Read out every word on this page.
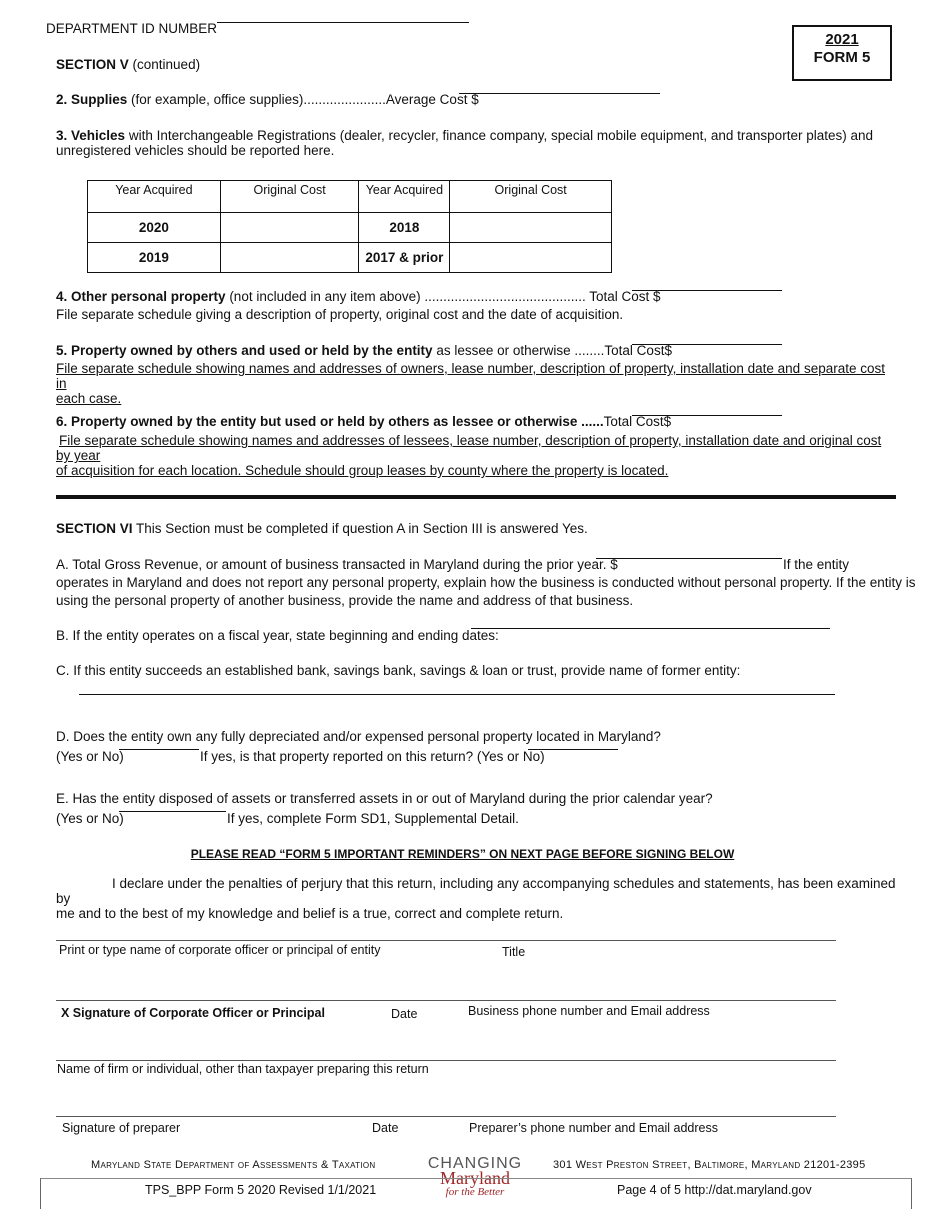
DEPARTMENT ID NUMBER
2021
FORM 5
SECTION V (continued)
2. Supplies (for example, office supplies)......................Average Cost $
3. Vehicles with Interchangeable Registrations (dealer, recycler, finance company, special mobile equipment, and transporter plates) and
unregistered vehicles should be reported here.
Year Acquired	Original Cost	Year Acquired	Original Cost
2020		2018	
2019		2017 & prior	
4. Other personal property (not included in any item above) ........................................... Total Cost $
File separate schedule giving a description of property, original cost and the date of acquisition.
5. Property owned by others and used or held by the entity as lessee or otherwise ........Total Cost$
File separate schedule showing names and addresses of owners, lease number, description of property, installation date and separate cost in
each case.
6. Property owned by the entity but used or held by others as lessee or otherwise ......Total Cost$
File separate schedule showing names and addresses of lessees, lease number, description of property, installation date and original cost by year
of acquisition for each location. Schedule should group leases by county where the property is located.
SECTION VI This Section must be completed if question A in Section III is answered Yes.
A. Total Gross Revenue, or amount of business transacted in Maryland during the prior year. $	If the entity
operates in Maryland and does not report any personal property, explain how the business is conducted without personal property. If the entity is
using the personal property of another business, provide the name and address of that business.
B. If the entity operates on a fiscal year, state beginning and ending dates:
C. If this entity succeeds an established bank, savings bank, savings & loan or trust, provide name of former entity:
D. Does the entity own any fully depreciated and/or expensed personal property located in Maryland?
(Yes or No)	If yes, is that property reported on this return? (Yes or No)
E. Has the entity disposed of assets or transferred assets in or out of Maryland during the prior calendar year?
(Yes or No)	If yes, complete Form SD1, Supplemental Detail.
PLEASE READ “FORM 5 IMPORTANT REMINDERS” ON NEXT PAGE BEFORE SIGNING BELOW
I declare under the penalties of perjury that this return, including any accompanying schedules and statements, has been examined by
me and to the best of my knowledge and belief is a true, correct and complete return.
Print or type name of corporate officer or principal of entity	Title
X Signature of Corporate Officer or Principal	Date	Business phone number and Email address
Name of firm or individual, other than taxpayer preparing this return
Signature of preparer	Date	Preparer’s phone number and Email address
Maryland State Department of Assessments & Taxation	301 West Preston Street, Baltimore, Maryland 21201-2395
CHANGING
Maryland
for the Better
TPS_BPP Form 5 2020 Revised 1/1/2021	Page 4 of 5 http://dat.maryland.gov
